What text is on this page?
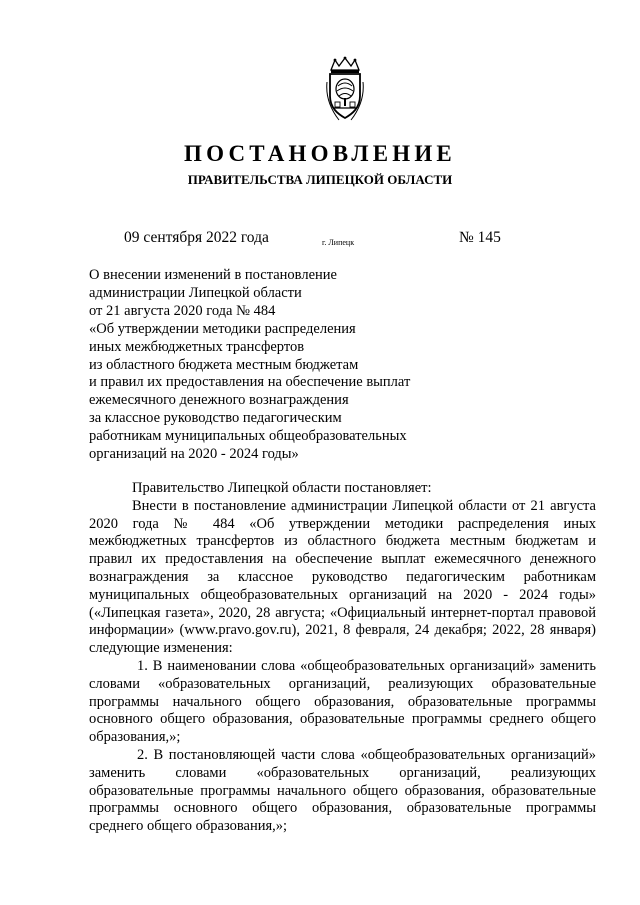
ПОСТАНОВЛЕНИЕ
ПРАВИТЕЛЬСТВА ЛИПЕЦКОЙ ОБЛАСТИ
09 сентября 2022 года	г. Липецк	№ 145
О внесении изменений в постановление
администрации Липецкой области
от 21 августа 2020 года № 484
«Об утверждении методики распределения
иных межбюджетных трансфертов
из областного бюджета местным бюджетам
и правил их предоставления на обеспечение выплат
ежемесячного денежного вознаграждения
за классное руководство педагогическим
работникам муниципальных общеобразовательных
организаций на 2020 - 2024 годы»

Правительство Липецкой области постановляет:

Внести в постановление администрации Липецкой области от 21 августа 2020 года № 484 «Об утверждении методики распределения иных межбюджетных трансфертов из областного бюджета местным бюджетам и правил их предоставления на обеспечение выплат ежемесячного денежного вознаграждения за классное руководство педагогическим работникам муниципальных общеобразовательных организаций на 2020 - 2024 годы» («Липецкая газета», 2020, 28 августа; «Официальный интернет-портал правовой информации» (www.pravo.gov.ru), 2021, 8 февраля, 24 декабря; 2022, 28 января) следующие изменения:

1. В наименовании слова «общеобразовательных организаций» заменить словами «образовательных организаций, реализующих образовательные программы начального общего образования, образовательные программы основного общего образования, образовательные программы среднего общего образования,»;

2. В постановляющей части слова «общеобразовательных организаций» заменить словами «образовательных организаций, реализующих образовательные программы начального общего образования, образовательные программы основного общего образования, образовательные программы среднего общего образования,»;
